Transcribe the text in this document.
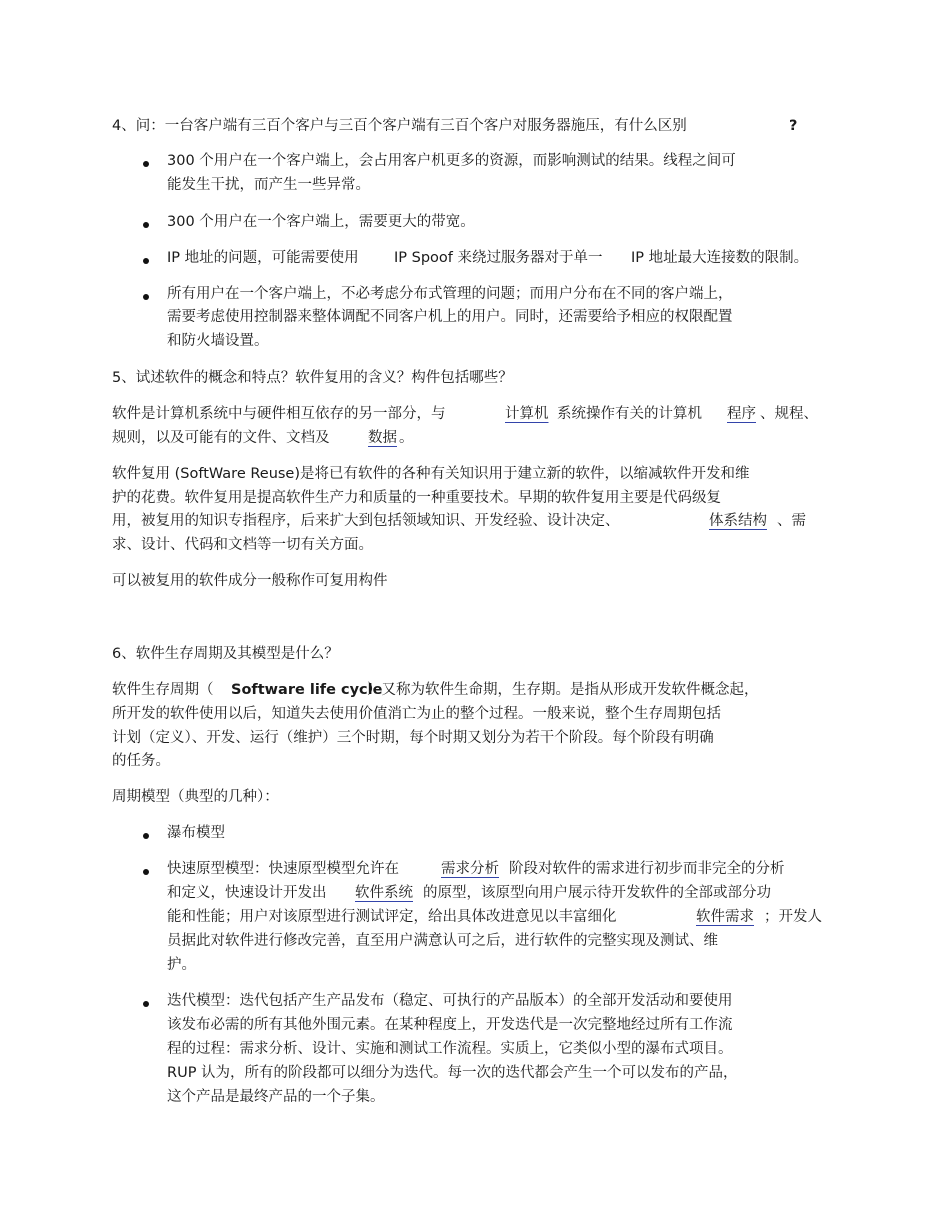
4、问：一台客户端有三百个客户与三百个客户端有三百个客户对服务器施压，有什么区别	?
300 个用户在一个客户端上，会占用客户机更多的资源，而影响测试的结果。线程之间可
能发生干扰，而产生一些异常。
300 个用户在一个客户端上，需要更大的带宽。
IP 地址的问题，可能需要使用 IP Spoof 来绕过服务器对于单一 IP 地址最大连接数的限制。
所有用户在一个客户端上，不必考虑分布式管理的问题；而用户分布在不同的客户端上，
需要考虑使用控制器来整体调配不同客户机上的用户。同时，还需要给予相应的权限配置
和防火墙设置。
5、试述软件的概念和特点？软件复用的含义？构件包括哪些？
软件是计算机系统中与硬件相互依存的另一部分，与	计算机 系统操作有关的计算机 程序 、规程、
规则，以及可能有的文件、文档及	数据 。
软件复用 (SoftWare Reuse)是将已有软件的各种有关知识用于建立新的软件，以缩减软件开发和维
护的花费。软件复用是提高软件生产力和质量的一种重要技术。早期的软件复用主要是代码级复
用，被复用的知识专指程序，后来扩大到包括领域知识、开发经验、设计决定、	体系结构 、需
求、设计、代码和文档等一切有关方面。
可以被复用的软件成分一般称作可复用构件
6、软件生存周期及其模型是什么？
软件生存周期（ Software life cycle
）又称为软件生命期，生存期。是指从形成开发软件概念起，
所开发的软件使用以后，知道失去使用价值消亡为止的整个过程。一般来说，整个生存周期包括
计划（定义）、开发、运行（维护）三个时期，每个时期又划分为若干个阶段。每个阶段有明确
的任务。
周期模型（典型的几种）：
瀑布模型
快速原型模型：快速原型模型允许在	需求分析 阶段对软件的需求进行初步而非完全的分析
和定义，快速设计开发出 软件系统 的原型，该原型向用户展示待开发软件的全部或部分功
能和性能；用户对该原型进行测试评定，给出具体改进意见以丰富细化	软件需求 ；开发人
员据此对软件进行修改完善，直至用户满意认可之后，进行软件的完整实现及测试、维
护。
迭代模型：迭代包括产生产品发布（稳定、可执行的产品版本）的全部开发活动和要使用
该发布必需的所有其他外围元素。在某种程度上，开发迭代是一次完整地经过所有工作流
程的过程：需求分析、设计、实施和测试工作流程。实质上，它类似小型的瀑布式项目。
RUP 认为，所有的阶段都可以细分为迭代。每一次的迭代都会产生一个可以发布的产品，
这个产品是最终产品的一个子集。
